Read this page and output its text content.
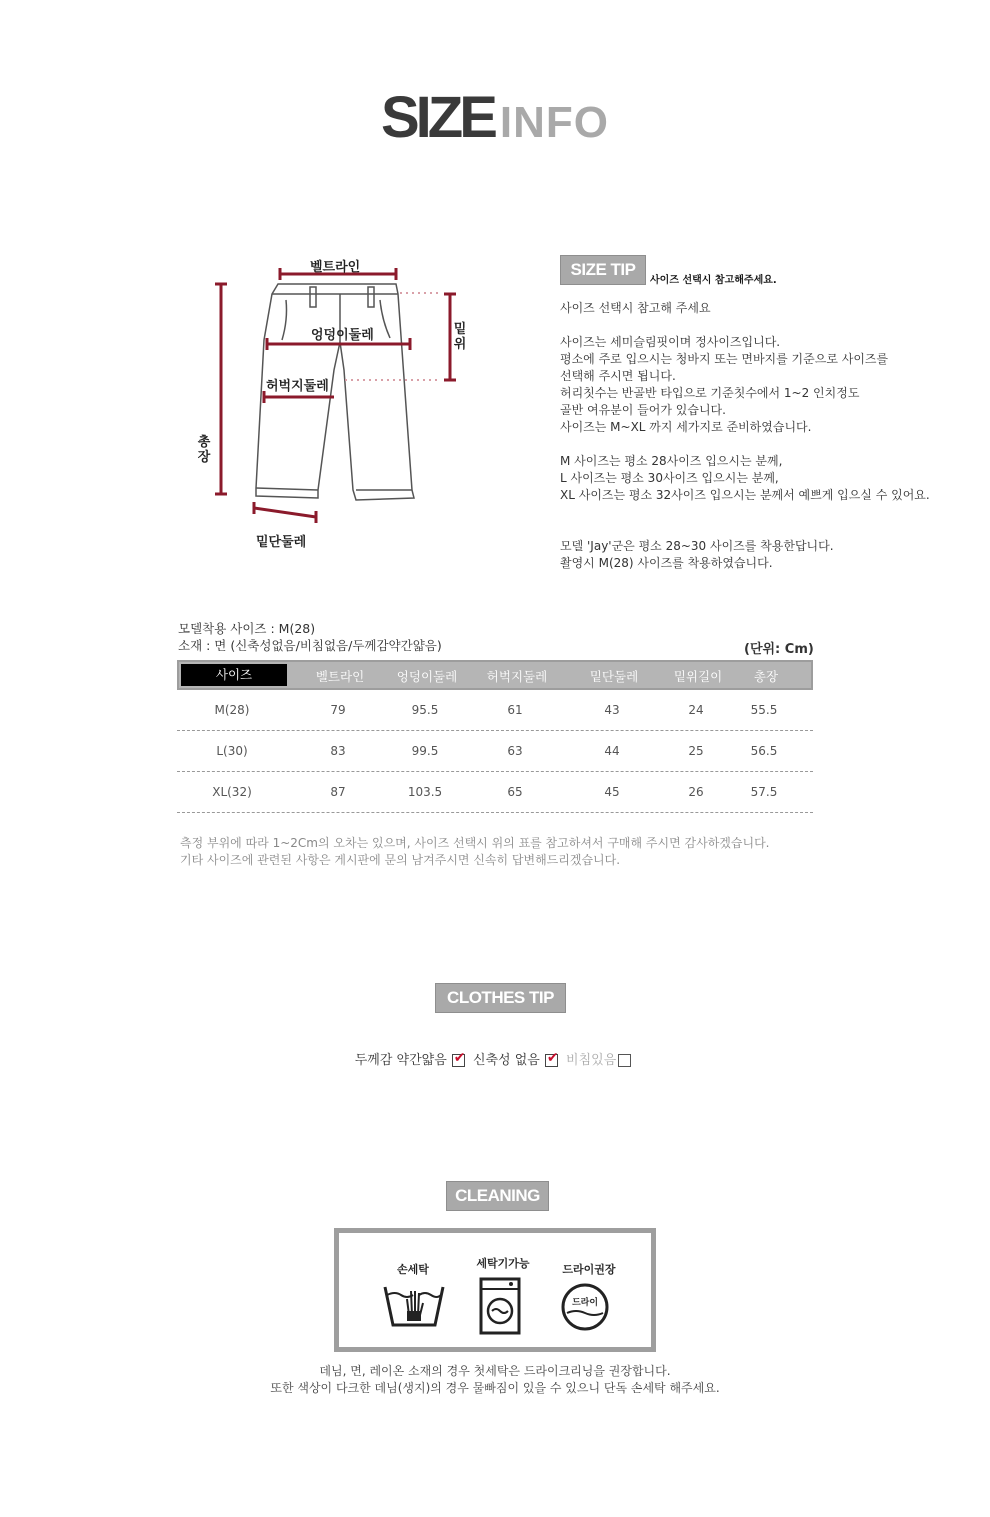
SIZE INFO
벨트라인
엉덩이둘레
허벅지둘레
밑단둘레
밑
위
총
장
SIZE TIP
사이즈 선택시 참고해주세요.
사이즈 선택시 참고해 주세요

사이즈는 세미슬림핏이며 정사이즈입니다.
평소에 주로 입으시는 청바지 또는 면바지를 기준으로 사이즈를
선택해 주시면 됩니다.
허리칫수는 반골반 타입으로 기준칫수에서 1~2 인치정도
골반 여유분이 들어가 있습니다.
사이즈는 M~XL 까지 세가지로 준비하였습니다.

M 사이즈는 평소 28사이즈 입으시는 분께,
L 사이즈는 평소 30사이즈 입으시는 분께,
XL 사이즈는 평소 32사이즈 입으시는 분께서 예쁘게 입으실 수 있어요.

모델 'Jay'군은 평소 28~30 사이즈를 착용한답니다.
촬영시 M(28) 사이즈를 착용하였습니다.
모델착용 사이즈 : M(28)
소재 : 면 (신축성없음/비침없음/두께감약간얇음)	(단위: Cm)
사이즈	벨트라인	엉덩이둘레	허벅지둘레	밑단둘레	밑위길이	총장
M(28)	79	95.5	61	43	24	55.5
L(30)	83	99.5	63	44	25	56.5
XL(32)	87	103.5	65	45	26	57.5
측정 부위에 따라 1~2Cm의 오차는 있으며, 사이즈 선택시 위의 표를 참고하셔서 구매해 주시면 감사하겠습니다.
기타 사이즈에 관련된 사항은 게시판에 문의 남겨주시면 신속히 답변해드리겠습니다.
CLOTHES TIP
두께감 약간얇음 ✔ 신축성 없음 ✔ 비침있음
CLEANING
손세탁	세탁기가능	드라이권장
드라이
데님, 면, 레이온 소재의 경우 첫세탁은 드라이크리닝을 권장합니다.
또한 색상이 다크한 데님(생지)의 경우 물빠짐이 있을 수 있으니 단독 손세탁 해주세요.
